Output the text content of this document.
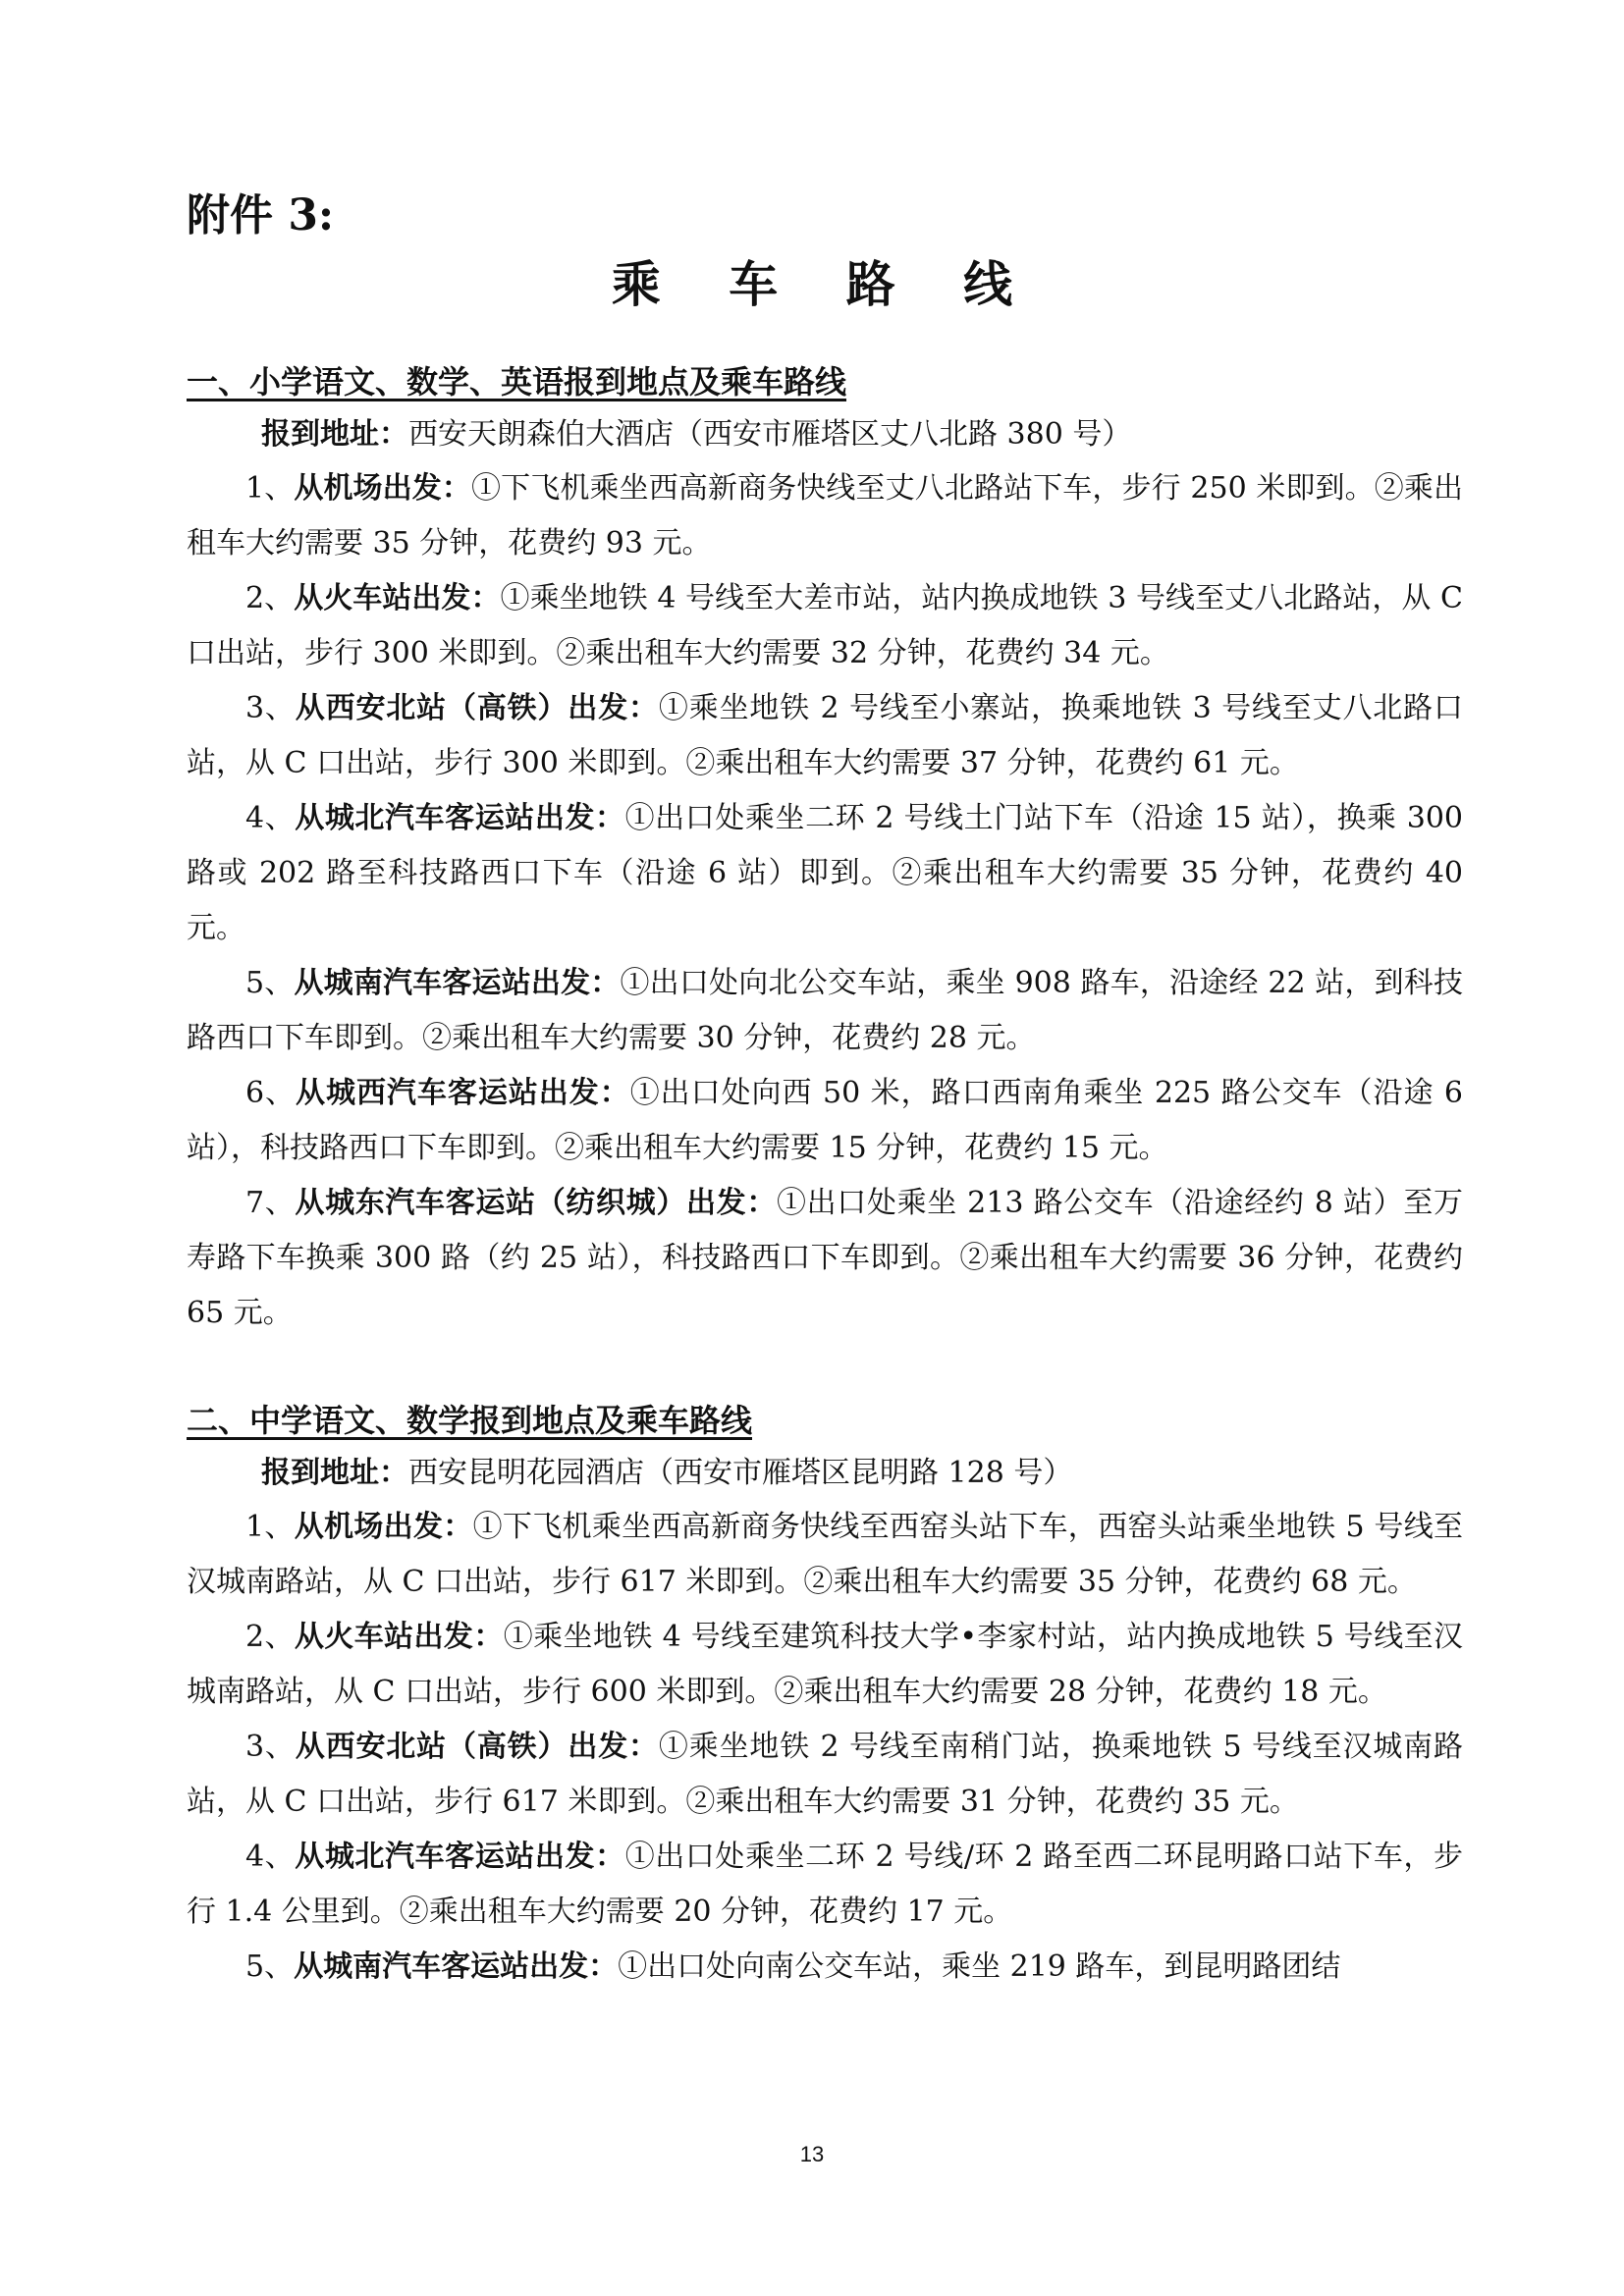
附件 3:

乘 车 路 线
一、小学语文、数学、英语报到地点及乘车路线

报到地址：西安天朗森伯大酒店（西安市雁塔区丈八北路 380 号）

1、从机场出发：①下飞机乘坐西高新商务快线至丈八北路站下车，步行 250 米即到。②乘出租车大约需要 35 分钟，花费约 93 元。

2、从火车站出发：①乘坐地铁 4 号线至大差市站，站内换成地铁 3 号线至丈八北路站，从 C 口出站，步行 300 米即到。②乘出租车大约需要 32 分钟，花费约 34 元。

3、从西安北站（高铁）出发：①乘坐地铁 2 号线至小寨站，换乘地铁 3 号线至丈八北路口站，从 C 口出站，步行 300 米即到。②乘出租车大约需要 37 分钟，花费约 61 元。

4、从城北汽车客运站出发：①出口处乘坐二环 2 号线土门站下车（沿途 15 站），换乘 300 路或 202 路至科技路西口下车（沿途 6 站）即到。②乘出租车大约需要 35 分钟，花费约 40 元。

5、从城南汽车客运站出发：①出口处向北公交车站，乘坐 908 路车，沿途经 22 站，到科技路西口下车即到。②乘出租车大约需要 30 分钟，花费约 28 元。

6、从城西汽车客运站出发：①出口处向西 50 米，路口西南角乘坐 225 路公交车（沿途 6 站），科技路西口下车即到。②乘出租车大约需要 15 分钟，花费约 15 元。

7、从城东汽车客运站（纺织城）出发：①出口处乘坐 213 路公交车（沿途经约 8 站）至万寿路下车换乘 300 路（约 25 站），科技路西口下车即到。②乘出租车大约需要 36 分钟，花费约 65 元。

二、中学语文、数学报到地点及乘车路线

报到地址：西安昆明花园酒店（西安市雁塔区昆明路 128 号）

1、从机场出发：①下飞机乘坐西高新商务快线至西窑头站下车，西窑头站乘坐地铁 5 号线至汉城南路站，从 C 口出站，步行 617 米即到。②乘出租车大约需要 35 分钟，花费约 68 元。

2、从火车站出发：①乘坐地铁 4 号线至建筑科技大学•李家村站，站内换成地铁 5 号线至汉城南路站，从 C 口出站，步行 600 米即到。②乘出租车大约需要 28 分钟，花费约 18 元。

3、从西安北站（高铁）出发：①乘坐地铁 2 号线至南稍门站，换乘地铁 5 号线至汉城南路站，从 C 口出站，步行 617 米即到。②乘出租车大约需要 31 分钟，花费约 35 元。

4、从城北汽车客运站出发：①出口处乘坐二环 2 号线/环 2 路至西二环昆明路口站下车，步行 1.4 公里到。②乘出租车大约需要 20 分钟，花费约 17 元。

5、从城南汽车客运站出发：①出口处向南公交车站，乘坐 219 路车，到昆明路团结

13
